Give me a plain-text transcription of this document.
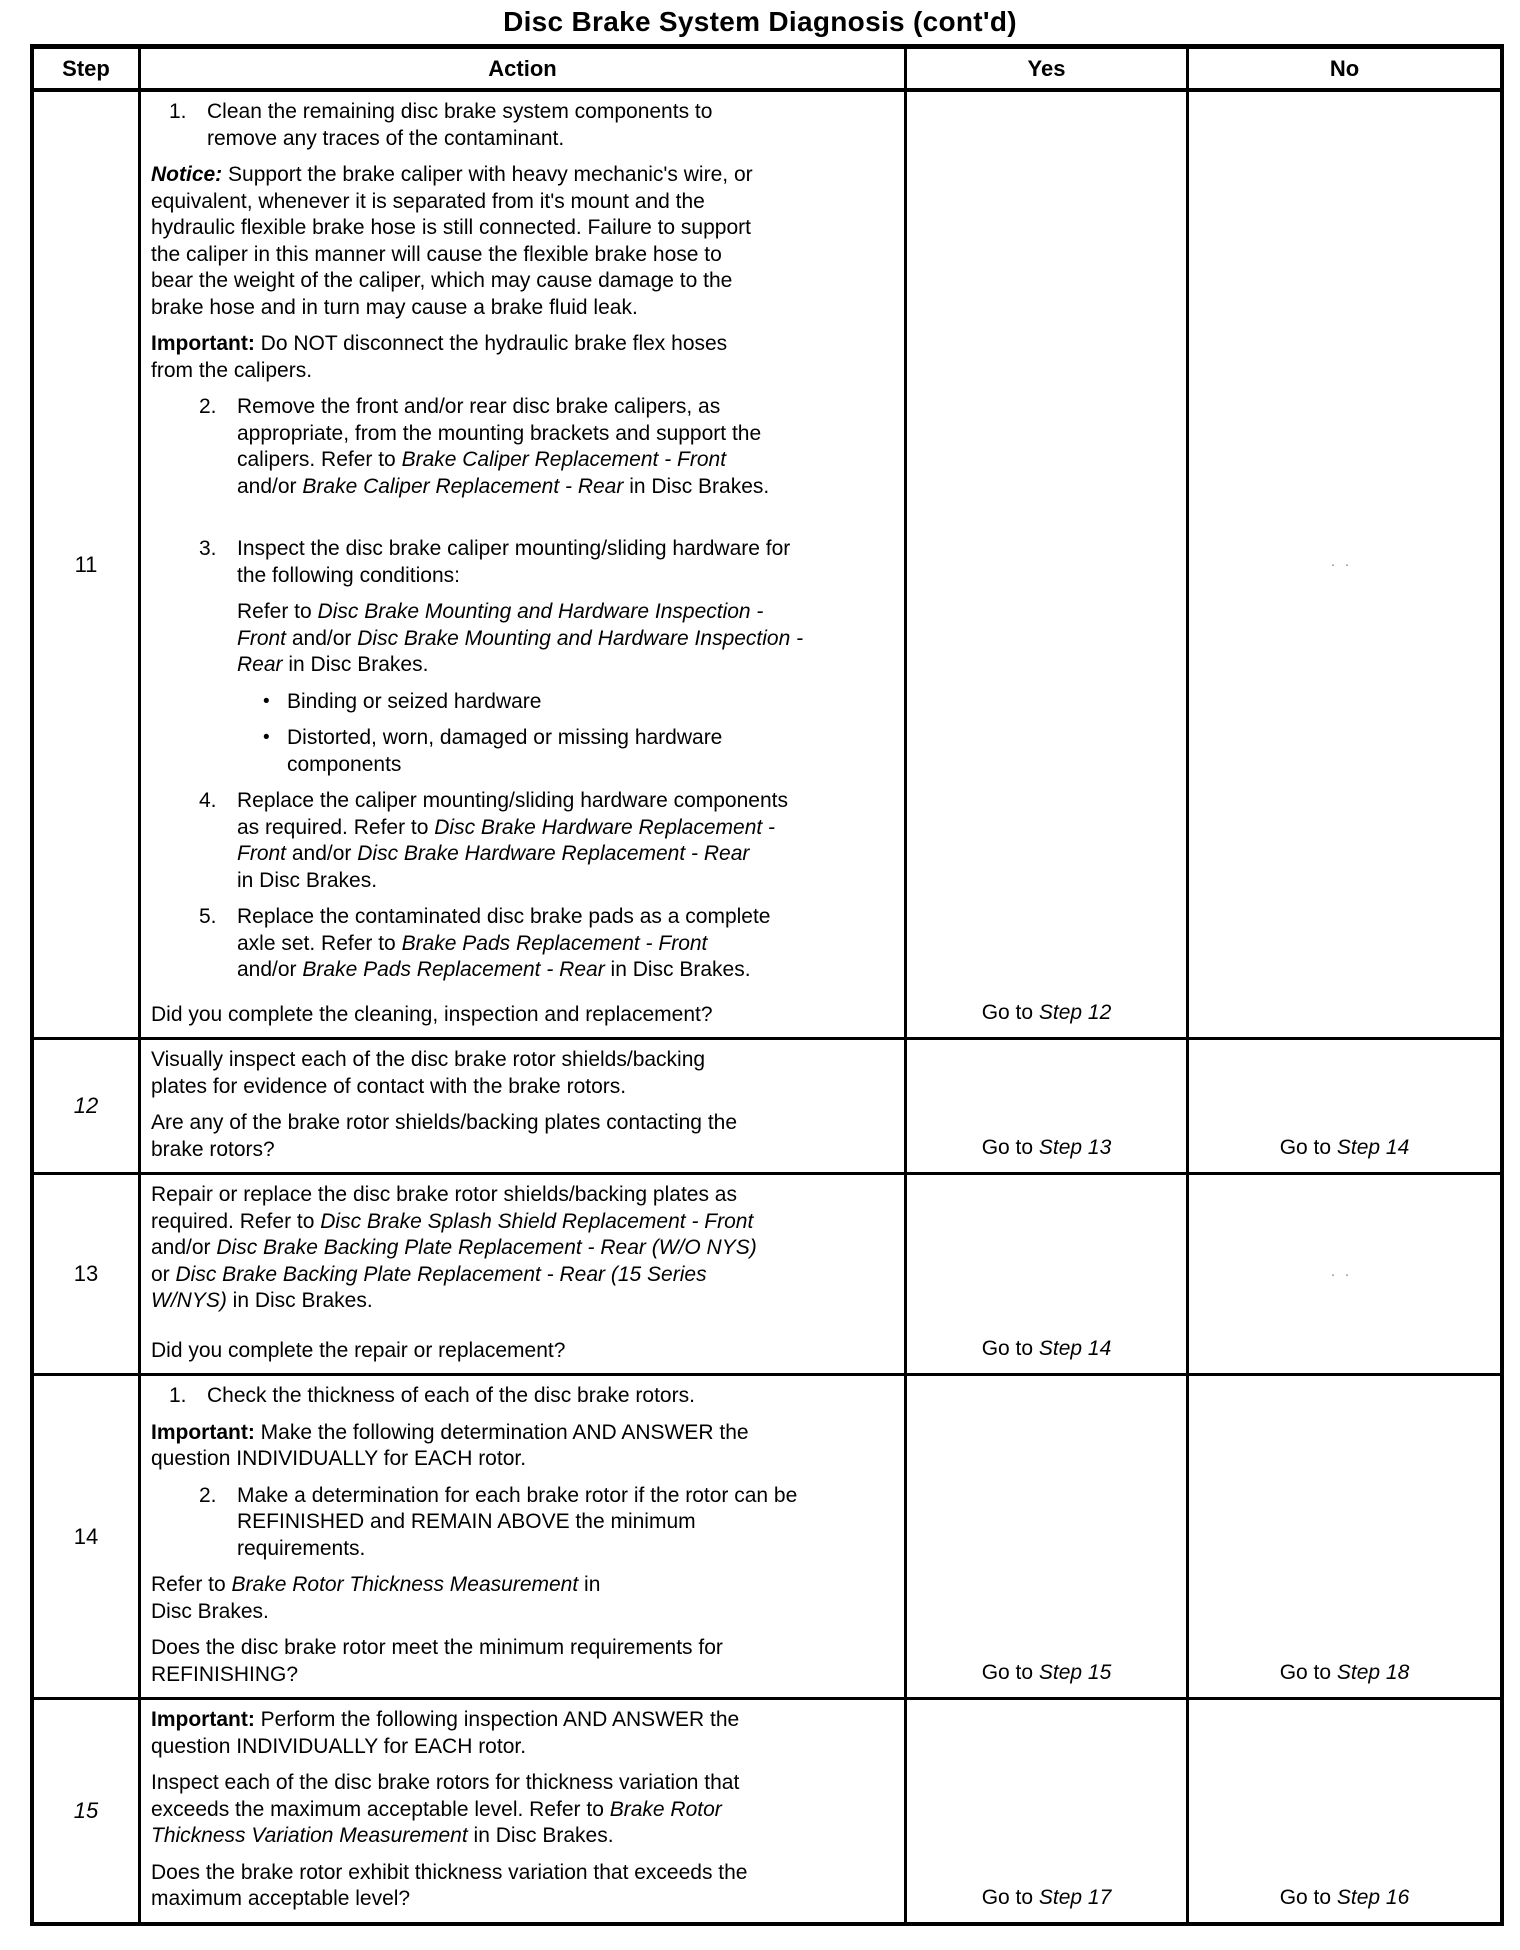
Disc Brake System Diagnosis (cont'd)
Step	Action	Yes	No
11
1. Clean the remaining disc brake system components to
remove any traces of the contaminant.
Notice: Support the brake caliper with heavy mechanic's wire, or
equivalent, whenever it is separated from it's mount and the
hydraulic flexible brake hose is still connected. Failure to support
the caliper in this manner will cause the flexible brake hose to
bear the weight of the caliper, which may cause damage to the
brake hose and in turn may cause a brake fluid leak.
Important: Do NOT disconnect the hydraulic brake flex hoses
from the calipers.
2. Remove the front and/or rear disc brake calipers, as
appropriate, from the mounting brackets and support the
calipers. Refer to Brake Caliper Replacement - Front
and/or Brake Caliper Replacement - Rear in Disc Brakes.
3. Inspect the disc brake caliper mounting/sliding hardware for
the following conditions:
Refer to Disc Brake Mounting and Hardware Inspection -
Front and/or Disc Brake Mounting and Hardware Inspection -
Rear in Disc Brakes.
• Binding or seized hardware
• Distorted, worn, damaged or missing hardware
components
4. Replace the caliper mounting/sliding hardware components
as required. Refer to Disc Brake Hardware Replacement -
Front and/or Disc Brake Hardware Replacement - Rear
in Disc Brakes.
5. Replace the contaminated disc brake pads as a complete
axle set. Refer to Brake Pads Replacement - Front
and/or Brake Pads Replacement - Rear in Disc Brakes.
Did you complete the cleaning, inspection and replacement?	Go to Step 12
··
12
Visually inspect each of the disc brake rotor shields/backing
plates for evidence of contact with the brake rotors.
Are any of the brake rotor shields/backing plates contacting the
brake rotors?	Go to Step 13	Go to Step 14
13
Repair or replace the disc brake rotor shields/backing plates as
required. Refer to Disc Brake Splash Shield Replacement - Front
and/or Disc Brake Backing Plate Replacement - Rear (W/O NYS)
or Disc Brake Backing Plate Replacement - Rear (15 Series
W/NYS) in Disc Brakes.
Did you complete the repair or replacement?	Go to Step 14
··
14
1. Check the thickness of each of the disc brake rotors.
Important: Make the following determination AND ANSWER the
question INDIVIDUALLY for EACH rotor.
2. Make a determination for each brake rotor if the rotor can be
REFINISHED and REMAIN ABOVE the minimum
requirements.
Refer to Brake Rotor Thickness Measurement in
Disc Brakes.
Does the disc brake rotor meet the minimum requirements for
REFINISHING?	Go to Step 15	Go to Step 18
15
Important: Perform the following inspection AND ANSWER the
question INDIVIDUALLY for EACH rotor.
Inspect each of the disc brake rotors for thickness variation that
exceeds the maximum acceptable level. Refer to Brake Rotor
Thickness Variation Measurement in Disc Brakes.
Does the brake rotor exhibit thickness variation that exceeds the
maximum acceptable level?	Go to Step 17	Go to Step 16
